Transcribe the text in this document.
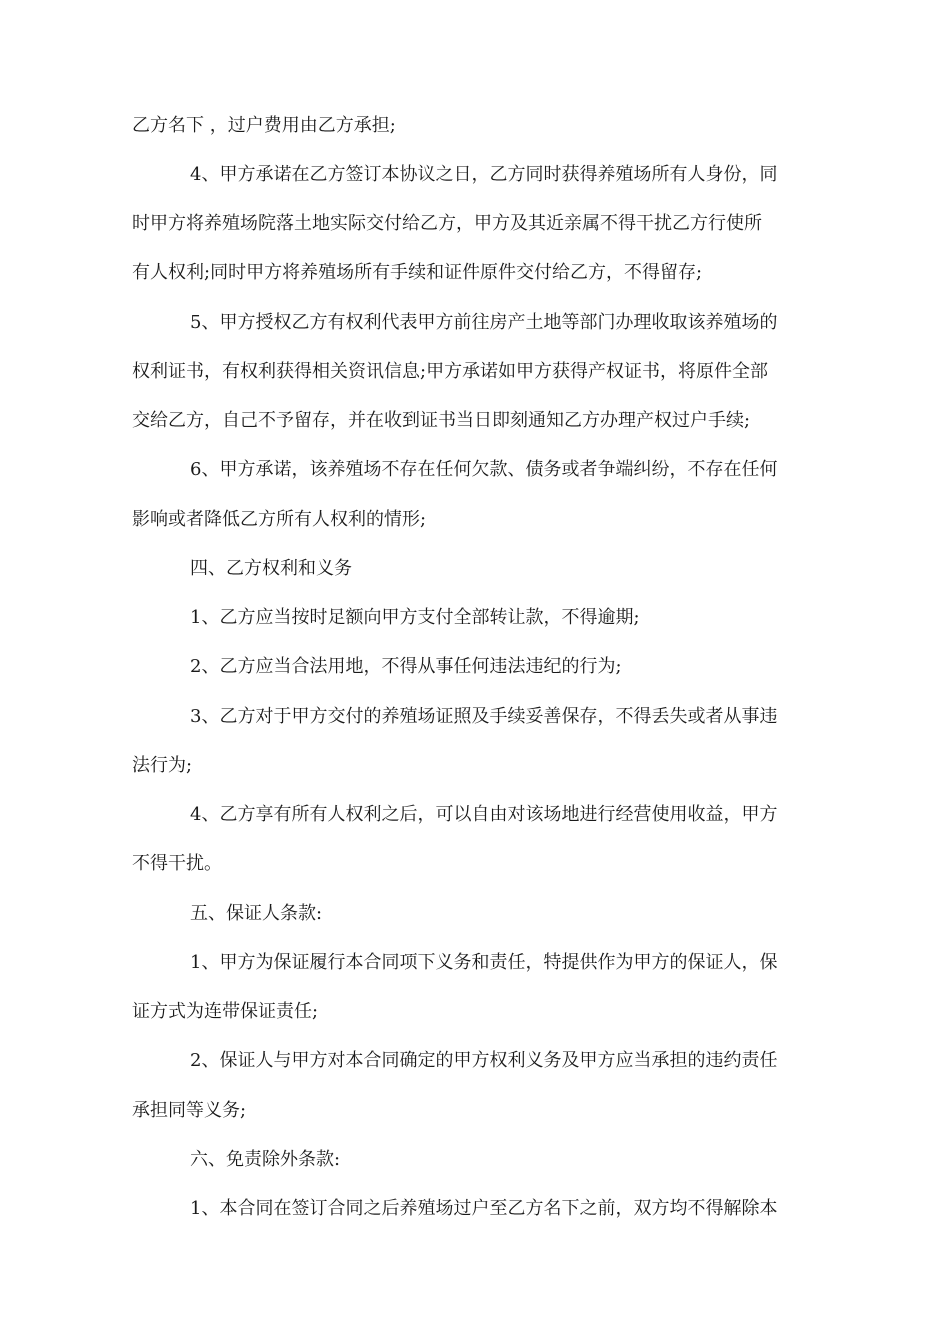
乙方名下 ，过户费用由乙方承担;
4、甲方承诺在乙方签订本协议之日，乙方同时获得养殖场所有人身份，同
时甲方将养殖场院落土地实际交付给乙方，甲方及其近亲属不得干扰乙方行使所
有人权利;同时甲方将养殖场所有手续和证件原件交付给乙方，不得留存;
5、甲方授权乙方有权利代表甲方前往房产土地等部门办理收取该养殖场的
权利证书，有权利获得相关资讯信息;甲方承诺如甲方获得产权证书，将原件全部
交给乙方，自己不予留存，并在收到证书当日即刻通知乙方办理产权过户手续;
6、甲方承诺，该养殖场不存在任何欠款、债务或者争端纠纷，不存在任何
影响或者降低乙方所有人权利的情形;
四、乙方权利和义务
1、乙方应当按时足额向甲方支付全部转让款，不得逾期;
2、乙方应当合法用地，不得从事任何违法违纪的行为;
3、乙方对于甲方交付的养殖场证照及手续妥善保存，不得丢失或者从事违
法行为;
4、乙方享有所有人权利之后，可以自由对该场地进行经营使用收益，甲方
不得干扰。
五、保证人条款:
1、甲方为保证履行本合同项下义务和责任，特提供作为甲方的保证人，保
证方式为连带保证责任;
2、保证人与甲方对本合同确定的甲方权利义务及甲方应当承担的违约责任
承担同等义务;
六、免责除外条款:
1、本合同在签订合同之后养殖场过户至乙方名下之前，双方均不得解除本
